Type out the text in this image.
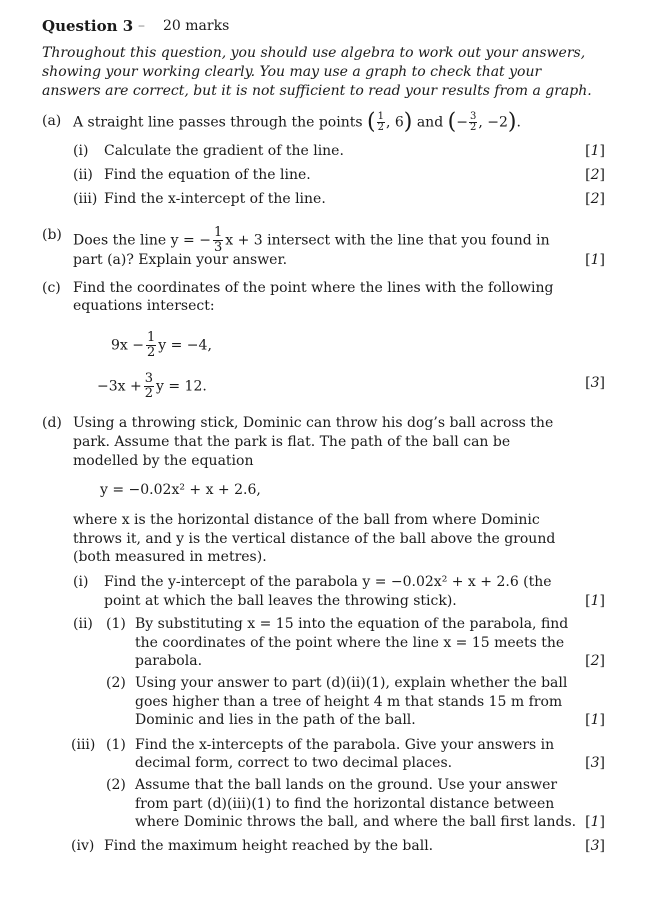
Question 3 – 20 marks
Throughout this question, you should use algebra to work out your answers,
showing your working clearly. You may use a graph to check that your
answers are correct, but it is not sufficient to read your results from a graph.
(a) A straight line passes through the points ( $\frac{1}{2}$ , 6) and (− $\frac{3}{2}$ , −2).
(i) Calculate the gradient of the line.	[ 1 ]
(ii) Find the equation of the line.	[ 2 ]
(iii) Find the x-intercept of the line.	[ 2 ]
(b) Does the line y = − $\frac{1}{3}$ x + 3 intersect with the line that you found in
part (a)? Explain your answer.	[ 1 ]
(c) Find the coordinates of the point where the lines with the following
equations intersect:
$9x - \frac{1}{2}$ y = −4,
$-3x + \frac{3}{2}$ y = 12.	[ 3 ]
(d) Using a throwing stick, Dominic can throw his dog’s ball across the
park. Assume that the park is flat. The path of the ball can be
modelled by the equation
y = −0.02x² + x + 2.6,
where x is the horizontal distance of the ball from where Dominic
throws it, and y is the vertical distance of the ball above the ground
(both measured in metres).
(i) Find the y-intercept of the parabola y = −0.02x² + x + 2.6 (the
point at which the ball leaves the throwing stick).	[ 1 ]
(ii) (1) By substituting x = 15 into the equation of the parabola, find
the coordinates of the point where the line x = 15 meets the
parabola.	[ 2 ]
(2) Using your answer to part (d)(ii)(1), explain whether the ball
goes higher than a tree of height 4 m that stands 15 m from
Dominic and lies in the path of the ball.	[ 1 ]
(iii) (1) Find the x-intercepts of the parabola. Give your answers in
decimal form, correct to two decimal places.	[ 3 ]
(2) Assume that the ball lands on the ground. Use your answer
from part (d)(iii)(1) to find the horizontal distance between
where Dominic throws the ball, and where the ball first lands.	[ 1 ]
(iv) Find the maximum height reached by the ball.	[ 3 ]
